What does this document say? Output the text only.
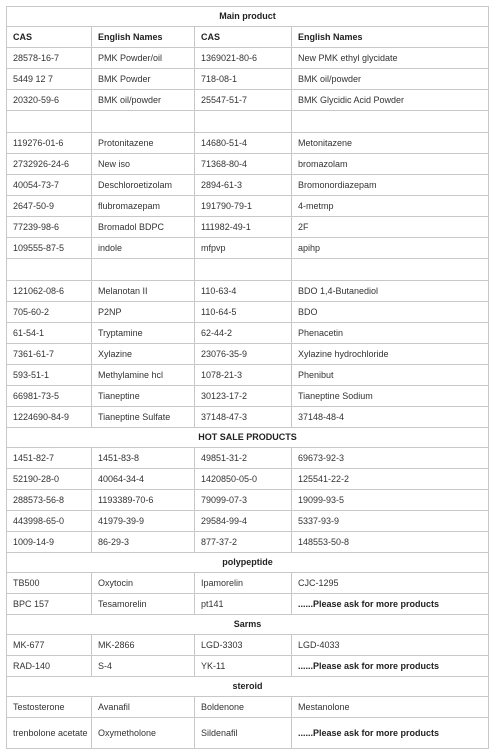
Main product			
CAS	English Names	CAS	English Names
28578-16-7	PMK Powder/oil	1369021-80-6	New PMK ethyl glycidate
5449 12 7	BMK Powder	718-08-1	BMK oil/powder
20320-59-6	BMK oil/powder	25547-51-7	BMK Glycidic Acid Powder

119276-01-6	Protonitazene	14680-51-4	Metonitazene
2732926-24-6	New iso	71368-80-4	bromazolam
40054-73-7	Deschloroetizolam	2894-61-3	Bromonordiazepam
2647-50-9	flubromazepam	191790-79-1	4-metmp
77239-98-6	Bromadol BDPC	111982-49-1	2F
109555-87-5	indole	mfpvp	apihp

121062-08-6	Melanotan II	110-63-4	BDO 1,4-Butanediol
705-60-2	P2NP	110-64-5	BDO
61-54-1	Tryptamine	62-44-2	Phenacetin
7361-61-7	Xylazine	23076-35-9	Xylazine hydrochloride
593-51-1	Methylamine hcl	1078-21-3	Phenibut
66981-73-5	Tianeptine	30123-17-2	Tianeptine Sodium
1224690-84-9	Tianeptine Sulfate	37148-47-3	37148-48-4
HOT SALE PRODUCTS			
1451-82-7	1451-83-8	49851-31-2	69673-92-3
52190-28-0	40064-34-4	1420850-05-0	125541-22-2
288573-56-8	1193389-70-6	79099-07-3	19099-93-5
443998-65-0	41979-39-9	29584-99-4	5337-93-9
1009-14-9	86-29-3	877-37-2	148553-50-8
polypeptide			
TB500	Oxytocin	Ipamorelin	CJC-1295
BPC 157	Tesamorelin	pt141	......Please ask for more products
Sarms			
MK-677	MK-2866	LGD-3303	LGD-4033
RAD-140	S-4	YK-11	......Please ask for more products
steroid			
Testosterone	Avanafil	Boldenone	Mestanolone
trenbolone acetate	Oxymetholone	Sildenafil	......Please ask for more products
